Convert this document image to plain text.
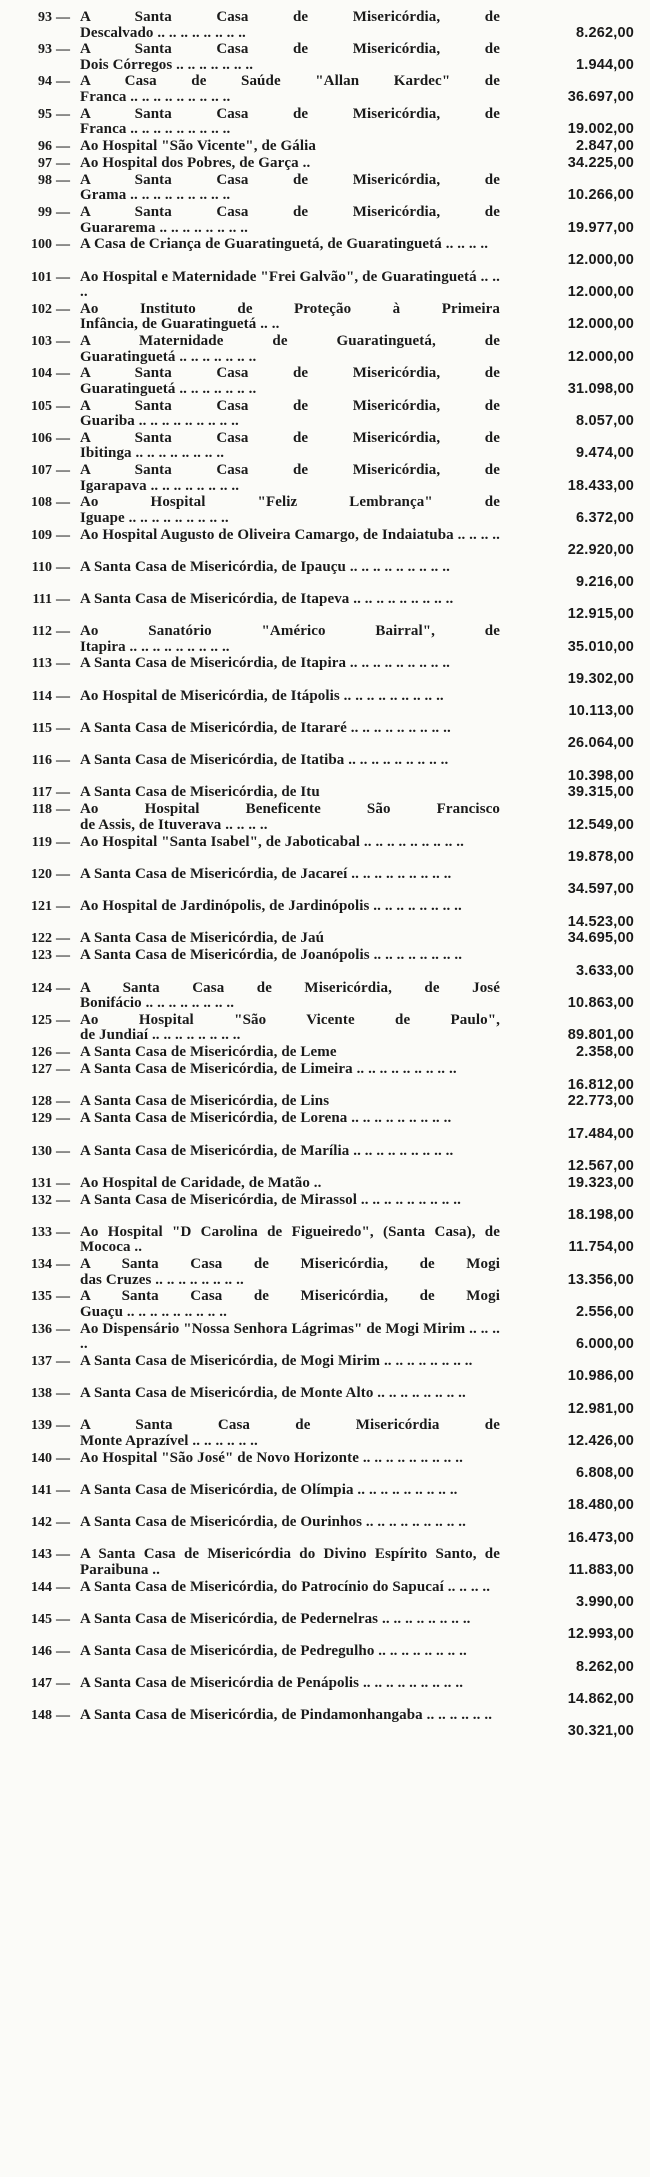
93 — A Santa Casa de Misericórdia, de
Descalvado .. .. .. .. .. .. .. ..	8.262,00
93 — A Santa Casa de Misericórdia, de
Dois Córregos .. .. .. .. .. .. ..	1.944,00
94 — A Casa de Saúde "Allan Kardec" de
Franca .. .. .. .. .. .. .. .. ..	36.697,00
95 — A Santa Casa de Misericórdia, de
Franca .. .. .. .. .. .. .. .. ..	19.002,00
96 — Ao Hospital "São Vicente", de Gália	2.847,00
97 — Ao Hospital dos Pobres, de Garça ..	34.225,00
98 — A Santa Casa de Misericórdia, de
Grama .. .. .. .. .. .. .. .. ..	10.266,00
99 — A Santa Casa de Misericórdia, de
Guararema .. .. .. .. .. .. .. ..	19.977,00
100 — A Casa de Criança de Guaratinguetá, de Guaratinguetá .. .. .. ..
12.000,00
101 — Ao Hospital e Maternidade "Frei Galvão", de Guaratinguetá .. .. ..	12.000,00
102 — Ao Instituto de Proteção à Primeira
Infância, de Guaratinguetá .. ..	12.000,00
103 — A Maternidade de Guaratinguetá, de
Guaratinguetá .. .. .. .. .. .. ..	12.000,00
104 — A Santa Casa de Misericórdia, de
Guaratinguetá .. .. .. .. .. .. ..	31.098,00
105 — A Santa Casa de Misericórdia, de
Guariba .. .. .. .. .. .. .. .. ..	8.057,00
106 — A Santa Casa de Misericórdia, de
Ibitinga .. .. .. .. .. .. .. ..	9.474,00
107 — A Santa Casa de Misericórdia, de
Igarapava .. .. .. .. .. .. .. ..	18.433,00
108 — Ao Hospital "Feliz Lembrança" de
Iguape .. .. .. .. .. .. .. .. ..	6.372,00
109 — Ao Hospital Augusto de Oliveira Camargo, de Indaiatuba .. .. .. ..
22.920,00
110 — A Santa Casa de Misericórdia, de Ipauçu .. .. .. .. .. .. .. .. ..
9.216,00
111 — A Santa Casa de Misericórdia, de Itapeva .. .. .. .. .. .. .. .. ..
12.915,00
112 — Ao Sanatório "Américo Bairral", de
Itapira .. .. .. .. .. .. .. .. ..	35.010,00
113 — A Santa Casa de Misericórdia, de Itapira .. .. .. .. .. .. .. .. ..
19.302,00
114 — Ao Hospital de Misericórdia, de Itápolis .. .. .. .. .. .. .. .. ..
10.113,00
115 — A Santa Casa de Misericórdia, de Itararé .. .. .. .. .. .. .. .. ..
26.064,00
116 — A Santa Casa de Misericórdia, de Itatiba .. .. .. .. .. .. .. .. ..
10.398,00
117 — A Santa Casa de Misericórdia, de Itu	39.315,00
118 — Ao Hospital Beneficente São Francisco
de Assis, de Ituverava .. .. .. ..	12.549,00
119 — Ao Hospital "Santa Isabel", de Jaboticabal .. .. .. .. .. .. .. .. ..
19.878,00
120 — A Santa Casa de Misericórdia, de Jacareí .. .. .. .. .. .. .. .. ..
34.597,00
121 — Ao Hospital de Jardinópolis, de Jardinópolis .. .. .. .. .. .. .. ..
14.523,00
122 — A Santa Casa de Misericórdia, de Jaú	34.695,00
123 — A Santa Casa de Misericórdia, de Joanópolis .. .. .. .. .. .. .. ..
3.633,00
124 — A Santa Casa de Misericórdia, de José
Bonifácio .. .. .. .. .. .. .. ..	10.863,00
125 — Ao Hospital "São Vicente de Paulo",
de Jundiaí .. .. .. .. .. .. .. ..	89.801,00
126 — A Santa Casa de Misericórdia, de Leme	2.358,00
127 — A Santa Casa de Misericórdia, de Limeira .. .. .. .. .. .. .. .. ..
16.812,00
128 — A Santa Casa de Misericórdia, de Lins	22.773,00
129 — A Santa Casa de Misericórdia, de Lorena .. .. .. .. .. .. .. .. ..
17.484,00
130 — A Santa Casa de Misericórdia, de Marília .. .. .. .. .. .. .. .. ..
12.567,00
131 — Ao Hospital de Caridade, de Matão ..	19.323,00
132 — A Santa Casa de Misericórdia, de Mirassol .. .. .. .. .. .. .. .. ..
18.198,00
133 — Ao Hospital "D Carolina de Figueiredo", (Santa Casa), de Mococa ..	11.754,00
134 — A Santa Casa de Misericórdia, de Mogi
das Cruzes .. .. .. .. .. .. .. ..	13.356,00
135 — A Santa Casa de Misericórdia, de Mogi
Guaçu .. .. .. .. .. .. .. .. ..	2.556,00
136 — Ao Dispensário "Nossa Senhora Lágrimas" de Mogi Mirim .. .. .. ..	6.000,00
137 — A Santa Casa de Misericórdia, de Mogi Mirim .. .. .. .. .. .. .. ..
10.986,00
138 — A Santa Casa de Misericórdia, de Monte Alto .. .. .. .. .. .. .. ..
12.981,00
139 — A Santa Casa de Misericórdia de
Monte Aprazível .. .. .. .. .. ..	12.426,00
140 — Ao Hospital "São José" de Novo Horizonte .. .. .. .. .. .. .. .. ..
6.808,00
141 — A Santa Casa de Misericórdia, de Olímpia .. .. .. .. .. .. .. .. ..
18.480,00
142 — A Santa Casa de Misericórdia, de Ourinhos .. .. .. .. .. .. .. .. ..
16.473,00
143 — A Santa Casa de Misericórdia do Divino Espírito Santo, de Paraibuna ..	11.883,00
144 — A Santa Casa de Misericórdia, do Patrocínio do Sapucaí .. .. .. ..
3.990,00
145 — A Santa Casa de Misericórdia, de Pedernelras .. .. .. .. .. .. .. ..
12.993,00
146 — A Santa Casa de Misericórdia, de Pedregulho .. .. .. .. .. .. .. ..
8.262,00
147 — A Santa Casa de Misericórdia de Penápolis .. .. .. .. .. .. .. .. ..
14.862,00
148 — A Santa Casa de Misericórdia, de Pindamonhangaba .. .. .. .. .. ..
30.321,00
